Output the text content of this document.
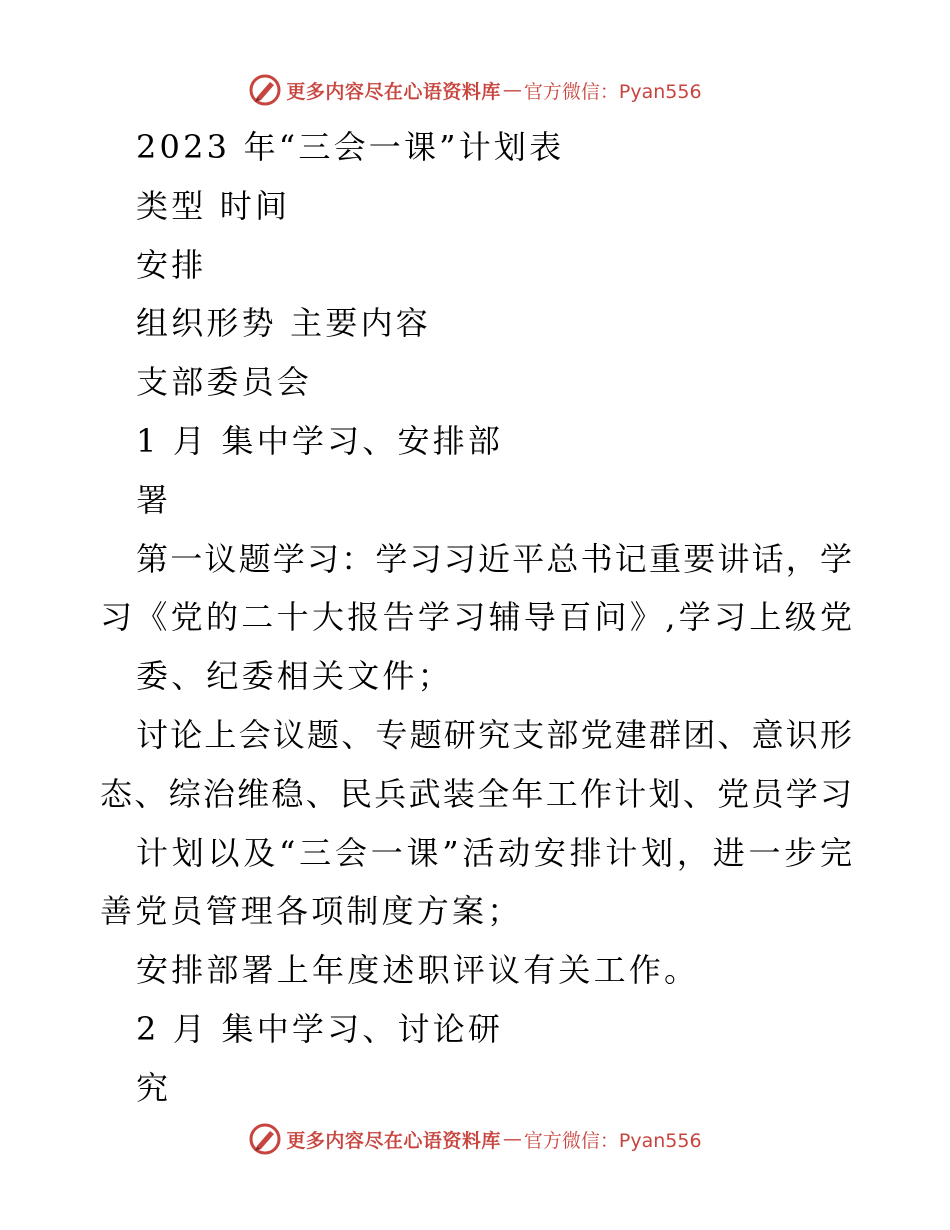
更多内容尽在心语资料库 — 官方微信：Pyan556
2023 年“三会一课”计划表
类型 时间
安排
组织形势 主要内容
支部委员会
1 月 集中学习、安排部
署
第一议题学习：学习习近平总书记重要讲话，学
习《党的二十大报告学习辅导百问》,学习上级党
委、纪委相关文件；
讨论上会议题、专题研究支部党建群团、意识形
态、综治维稳、民兵武装全年工作计划、党员学习
计划以及“三会一课”活动安排计划，进一步完
善党员管理各项制度方案；
安排部署上年度述职评议有关工作。
2 月 集中学习、讨论研
究
更多内容尽在心语资料库 — 官方微信：Pyan556
